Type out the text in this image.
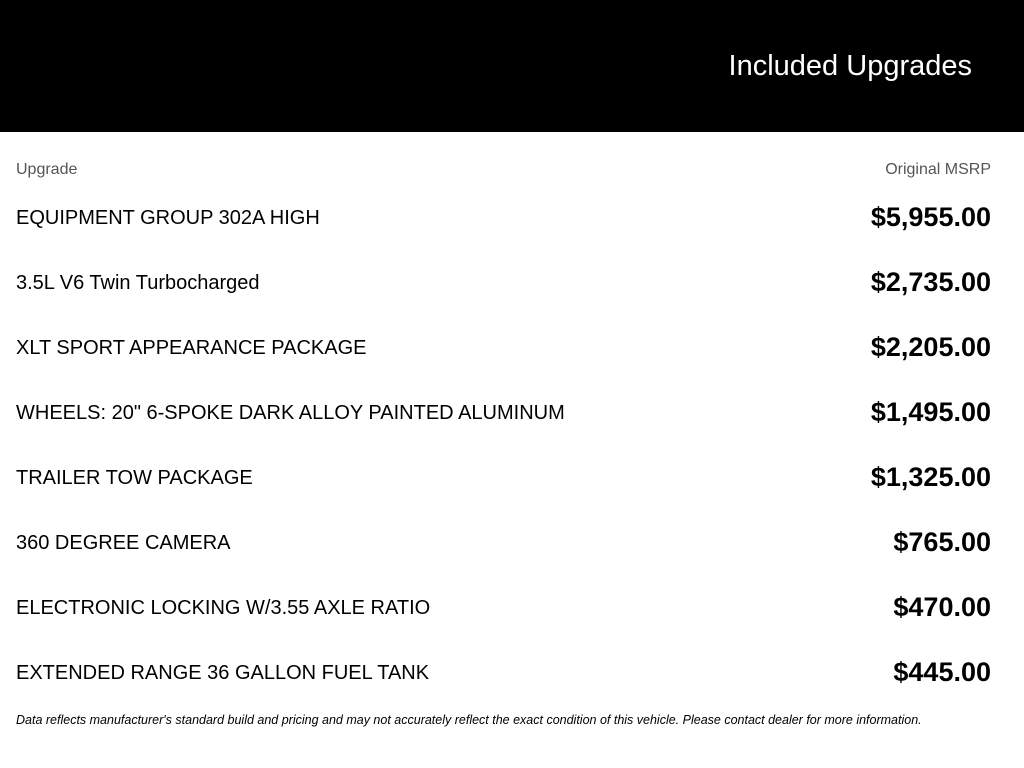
Included Upgrades
Upgrade	Original MSRP
EQUIPMENT GROUP 302A HIGH	$5,955.00
3.5L V6 Twin Turbocharged	$2,735.00
XLT SPORT APPEARANCE PACKAGE	$2,205.00
WHEELS: 20" 6-SPOKE DARK ALLOY PAINTED ALUMINUM	$1,495.00
TRAILER TOW PACKAGE	$1,325.00
360 DEGREE CAMERA	$765.00
ELECTRONIC LOCKING W/3.55 AXLE RATIO	$470.00
EXTENDED RANGE 36 GALLON FUEL TANK	$445.00
Data reflects manufacturer's standard build and pricing and may not accurately reflect the exact condition of this vehicle. Please contact dealer for more information.
